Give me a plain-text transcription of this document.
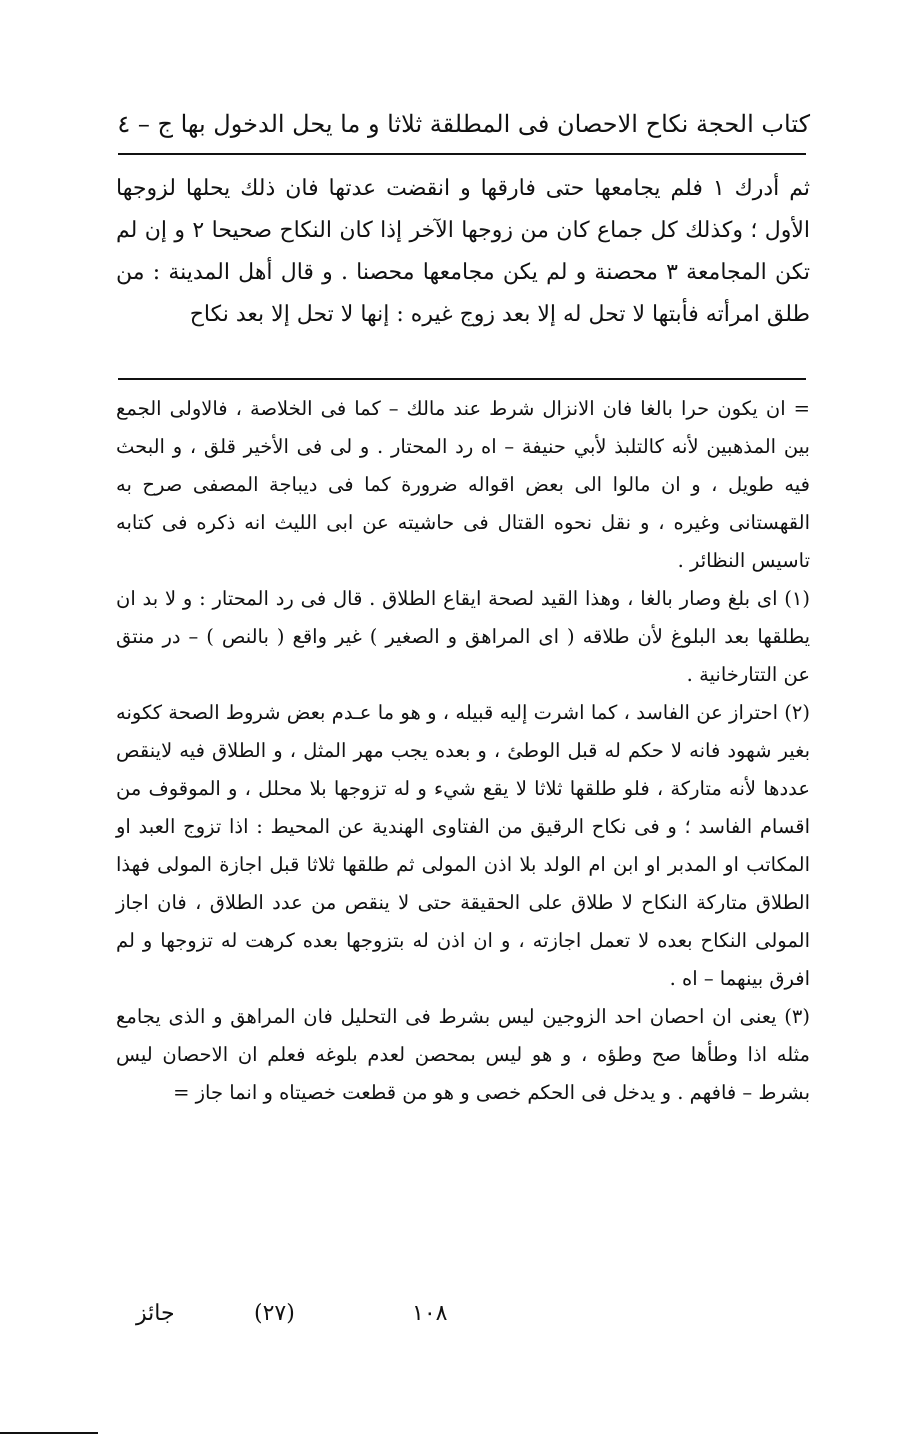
كتاب الحجة نكاح الاحصان فى المطلقة ثلاثا و ما يحل الدخول بها ج – ٤

ثم أدرك ١ فلم يجامعها حتى فارقها و انقضت عدتها فان ذلك يحلها لزوجها الأول ؛ وكذلك كل جماع كان من زوجها الآخر إذا كان النكاح صحيحا ٢ و إن لم تكن المجامعة ٣ محصنة و لم يكن مجامعها محصنا . و قال أهل المدينة : من طلق امرأته فأبتها لا تحل له إلا بعد زوج غيره : إنها لا تحل إلا بعد نكاح

= ان يكون حرا بالغا فان الانزال شرط عند مالك – كما فى الخلاصة ، فالاولى الجمع بين المذهبين لأنه كالتلبذ لأبي حنيفة – اه رد المحتار . و لى فى الأخير قلق ، و البحث فيه طويل ، و ان مالوا الى بعض اقواله ضرورة كما فى ديباجة المصفى صرح به القهستانى وغيره ، و نقل نحوه القتال فى حاشيته عن ابى الليث انه ذكره فى كتابه تاسيس النظائر .

(١) اى بلغ وصار بالغا ، وهذا القيد لصحة ايقاع الطلاق . قال فى رد المحتار : و لا بد ان يطلقها بعد البلوغ لأن طلاقه ( اى المراهق و الصغير ) غير واقع ( بالنص ) – در منتق عن التتارخانية .

(٢) احتراز عن الفاسد ، كما اشرت إليه قبيله ، و هو ما عـدم بعض شروط الصحة ككونه بغير شهود فانه لا حكم له قبل الوطئ ، و بعده يجب مهر المثل ، و الطلاق فيه لاينقص عددها لأنه متاركة ، فلو طلقها ثلاثا لا يقع شيء و له تزوجها بلا محلل ، و الموقوف من اقسام الفاسد ؛ و فى نكاح الرقيق من الفتاوى الهندية عن المحيط : اذا تزوج العبد او المكاتب او المدبر او ابن ام الولد بلا اذن المولى ثم طلقها ثلاثا قبل اجازة المولى فهذا الطلاق متاركة النكاح لا طلاق على الحقيقة حتى لا ينقص من عدد الطلاق ، فان اجاز المولى النكاح بعده لا تعمل اجازته ، و ان اذن له بتزوجها بعده كرهت له تزوجها و لم افرق بينهما – اه .

(٣) يعنى ان احصان احد الزوجين ليس بشرط فى التحليل فان المراهق و الذى يجامع مثله اذا وطأها صح وطؤه ، و هو ليس بمحصن لعدم بلوغه فعلم ان الاحصان ليس بشرط – فافهم . و يدخل فى الحكم خصى و هو من قطعت خصيتاه و انما جاز =

١٠٨
(٢٧)
جائز
